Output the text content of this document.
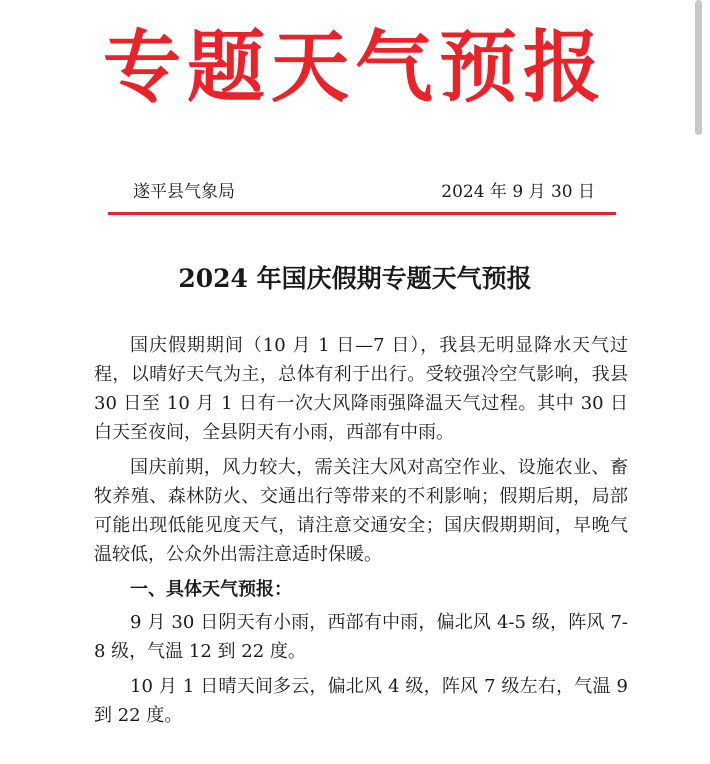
专题天气预报
遂平县气象局	2024 年 9 月 30 日
2024 年国庆假期专题天气预报

国庆假期期间（10 月 1 日—7 日），我县无明显降水天气过程，以晴好天气为主，总体有利于出行。受较强冷空气影响，我县 30 日至 10 月 1 日有一次大风降雨强降温天气过程。其中 30 日白天至夜间，全县阴天有小雨，西部有中雨。

国庆前期，风力较大，需关注大风对高空作业、设施农业、畜牧养殖、森林防火、交通出行等带来的不利影响；假期后期，局部可能出现低能见度天气，请注意交通安全；国庆假期期间，早晚气温较低，公众外出需注意适时保暖。

一、具体天气预报：

9 月 30 日阴天有小雨，西部有中雨，偏北风 4-5 级，阵风 7-8 级，气温 12 到 22 度。

10 月 1 日晴天间多云，偏北风 4 级，阵风 7 级左右，气温 9 到 22 度。
